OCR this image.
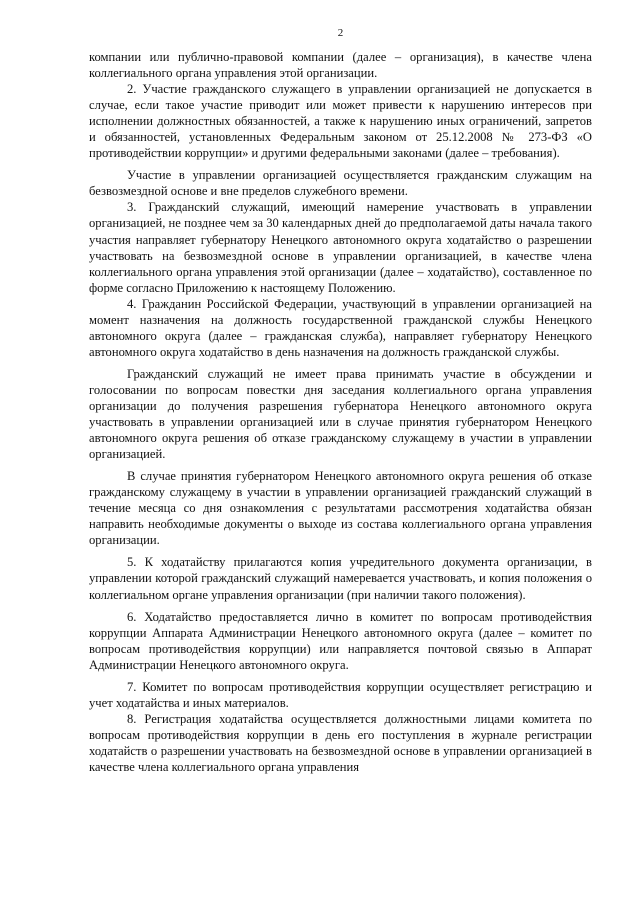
2

компании или публично-правовой компании (далее – организация), в качестве члена коллегиального органа управления этой организации.

2. Участие гражданского служащего в управлении организацией не допускается в случае, если такое участие приводит или может привести к нарушению интересов при исполнении должностных обязанностей, а также к нарушению иных ограничений, запретов и обязанностей, установленных Федеральным законом от 25.12.2008 № 273-ФЗ «О противодействии коррупции» и другими федеральными законами (далее – требования).

Участие в управлении организацией осуществляется гражданским служащим на безвозмездной основе и вне пределов служебного времени.

3. Гражданский служащий, имеющий намерение участвовать в управлении организацией, не позднее чем за 30 календарных дней до предполагаемой даты начала такого участия направляет губернатору Ненецкого автономного округа ходатайство о разрешении участвовать на безвозмездной основе в управлении организацией, в качестве члена коллегиального органа управления этой организации (далее – ходатайство), составленное по форме согласно Приложению к настоящему Положению.

4. Гражданин Российской Федерации, участвующий в управлении организацией на момент назначения на должность государственной гражданской службы Ненецкого автономного округа (далее – гражданская служба), направляет губернатору Ненецкого автономного округа ходатайство в день назначения на должность гражданской службы.

Гражданский служащий не имеет права принимать участие в обсуждении и голосовании по вопросам повестки дня заседания коллегиального органа управления организации до получения разрешения губернатора Ненецкого автономного округа участвовать в управлении организацией или в случае принятия губернатором Ненецкого автономного округа решения об отказе гражданскому служащему в участии в управлении организацией.

В случае принятия губернатором Ненецкого автономного округа решения об отказе гражданскому служащему в участии в управлении организацией гражданский служащий в течение месяца со дня ознакомления с результатами рассмотрения ходатайства обязан направить необходимые документы о выходе из состава коллегиального органа управления организации.

5. К ходатайству прилагаются копия учредительного документа организации, в управлении которой гражданский служащий намеревается участвовать, и копия положения о коллегиальном органе управления организации (при наличии такого положения).

6. Ходатайство предоставляется лично в комитет по вопросам противодействия коррупции Аппарата Администрации Ненецкого автономного округа (далее – комитет по вопросам противодействия коррупции) или направляется почтовой связью в Аппарат Администрации Ненецкого автономного округа.

7. Комитет по вопросам противодействия коррупции осуществляет регистрацию и учет ходатайства и иных материалов.

8. Регистрация ходатайства осуществляется должностными лицами комитета по вопросам противодействия коррупции в день его поступления в журнале регистрации ходатайств о разрешении участвовать на безвозмездной основе в управлении организацией в качестве члена коллегиального органа управления
